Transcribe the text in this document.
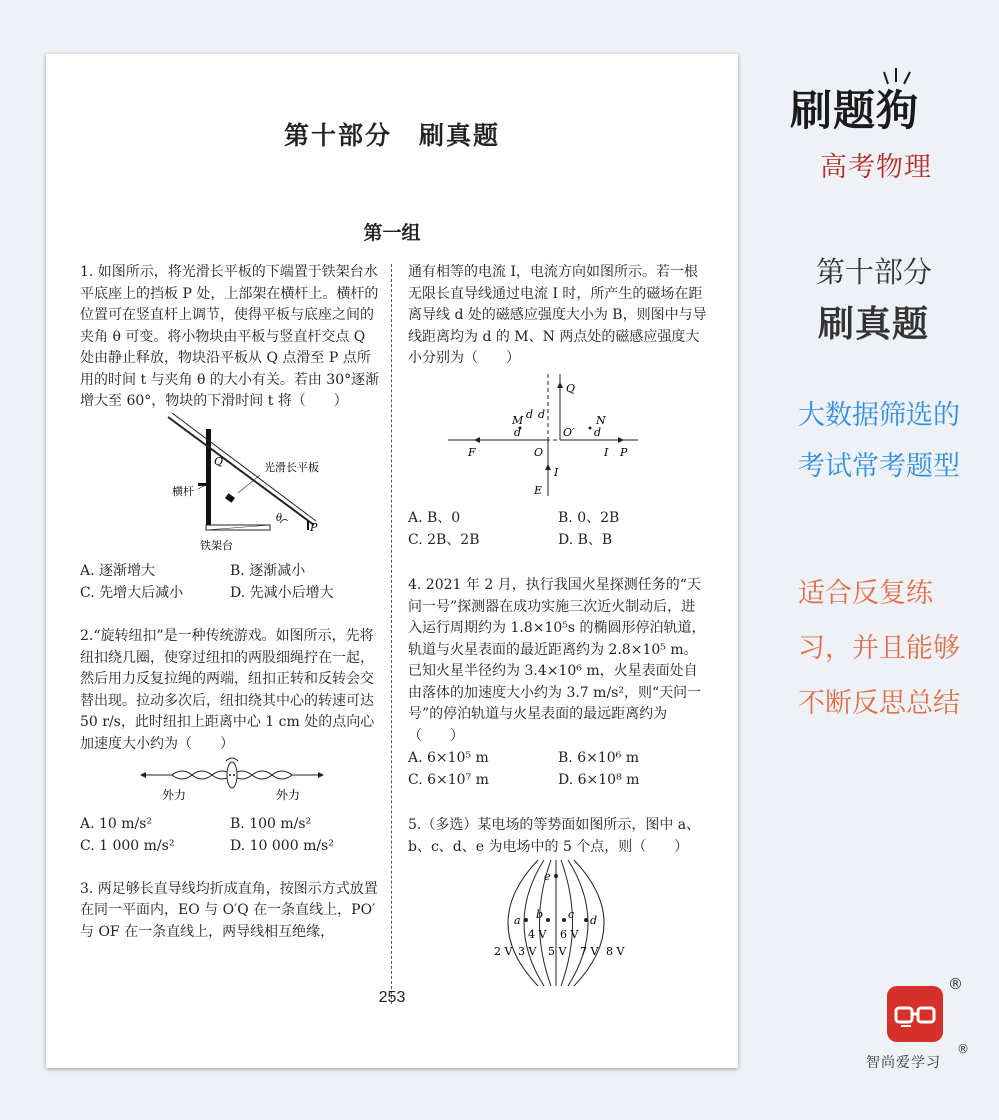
第十部分　刷真题
第一组

1. 如图所示，将光滑长平板的下端置于铁架台水平底座上的挡板 P 处，上部架在横杆上。横杆的位置可在竖直杆上调节，使得平板与底座之间的夹角 θ 可变。将小物块由平板与竖直杆交点 Q 处由静止释放，物块沿平板从 Q 点滑至 P 点所用的时间 t 与夹角 θ 的大小有关。若由 30°逐渐增大至 60°，物块的下滑时间 t 将（　　）

光滑长平板
Q
横杆
θ
P
铁架台
A. 逐渐增大	B. 逐渐减小
C. 先增大后减小	D. 先减小后增大

2.“旋转纽扣”是一种传统游戏。如图所示，先将纽扣绕几圈，使穿过纽扣的两股细绳拧在一起，然后用力反复拉绳的两端，纽扣正转和反转会交替出现。拉动多次后，纽扣绕其中心的转速可达 50 r/s，此时纽扣上距离中心 1 cm 处的点向心加速度大小约为（　　）

外力	外力
A. 10 m/s²	B. 100 m/s²
C. 1 000 m/s²	D. 10 000 m/s²

3. 两足够长直导线均折成直角，按图示方式放置在同一平面内，EO 与 O′Q 在一条直线上，PO′与 OF 在一条直线上，两导线相互绝缘，

通有相等的电流 I，电流方向如图所示。若一根无限长直导线通过电流 I 时，所产生的磁场在距离导线 d 处的磁感应强度大小为 B，则图中与导线距离均为 d 的 M、N 两点处的磁感应强度大小分别为（　　）

Q
M	N
d d
d	d
O′
F	O	I P
I
E
A. B、0	B. 0、2B
C. 2B、2B	D. B、B

4. 2021 年 2 月，执行我国火星探测任务的“天问一号”探测器在成功实施三次近火制动后，进入运行周期约为 1.8×10⁵s 的椭圆形停泊轨道，轨道与火星表面的最近距离约为 2.8×10⁵ m。已知火星半径约为 3.4×10⁶ m，火星表面处自由落体的加速度大小约为 3.7 m/s²，则“天问一号”的停泊轨道与火星表面的最远距离约为（　　）

A. 6×10⁵ m	B. 6×10⁶ m
C. 6×10⁷ m	D. 6×10⁸ m

5.（多选）某电场的等势面如图所示，图中 a、b、c、d、e 为电场中的 5 个点，则（　　）

e
a b c d
4 V 6 V
2 V 3 V 5 V 7 V 8 V
253
刷题狗
高考物理
第十部分
刷真题
大数据筛选的考试常考题型
适合反复练习，并且能够不断反思总结
®
智尚爱学习
®
